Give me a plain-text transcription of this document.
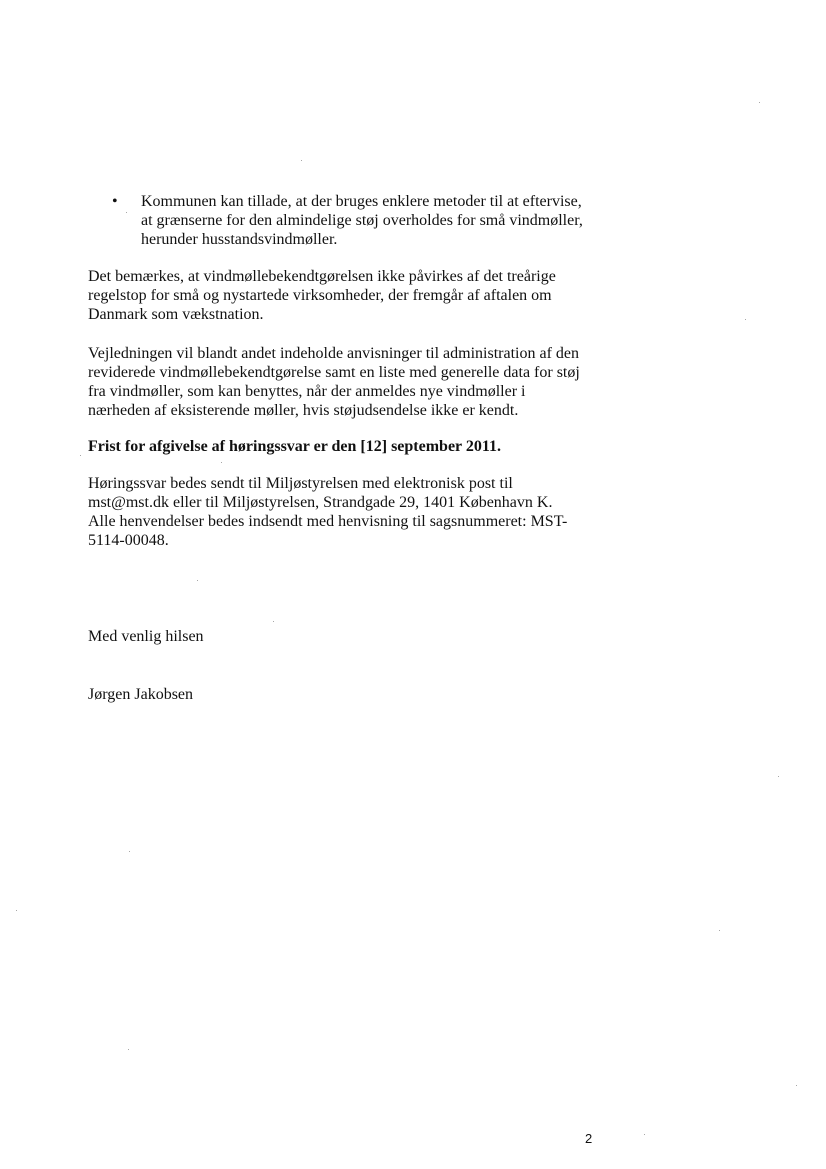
•	Kommunen kan tillade, at der bruges enklere metoder til at eftervise,
at grænserne for den almindelige støj overholdes for små vindmøller,
herunder husstandsvindmøller.
Det bemærkes, at vindmøllebekendtgørelsen ikke påvirkes af det treårige
regelstop for små og nystartede virksomheder, der fremgår af aftalen om
Danmark som vækstnation.
Vejledningen vil blandt andet indeholde anvisninger til administration af den
reviderede vindmøllebekendtgørelse samt en liste med generelle data for støj
fra vindmøller, som kan benyttes, når der anmeldes nye vindmøller i
nærheden af eksisterende møller, hvis støjudsendelse ikke er kendt.
Frist for afgivelse af høringssvar er den [12] september 2011.
Høringssvar bedes sendt til Miljøstyrelsen med elektronisk post til
mst@mst.dk eller til Miljøstyrelsen, Strandgade 29, 1401 København K.
Alle henvendelser bedes indsendt med henvisning til sagsnummeret: MST-
5114-00048.
Med venlig hilsen
Jørgen Jakobsen
2
